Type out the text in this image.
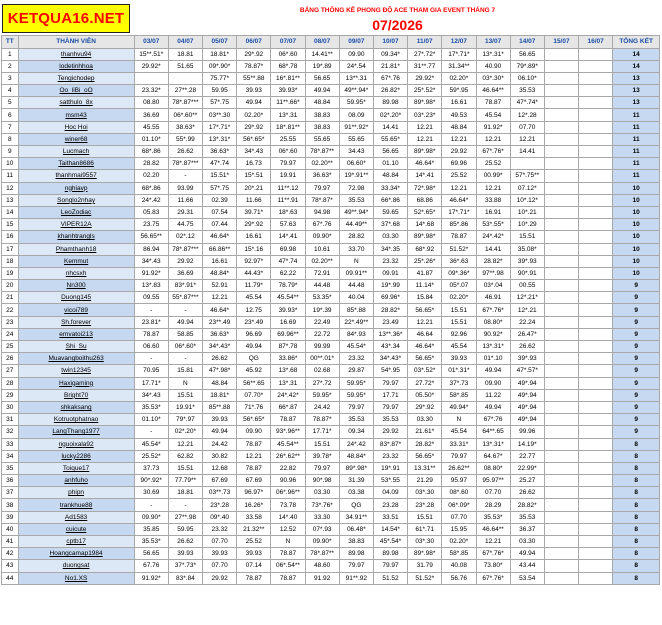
KETQUA16.NET	BẢNG THỐNG KÊ PHONG ĐỘ ACE THAM GIA EVENT THÁNG 7
07/2026
TT	THÀNH VIÊN	03/07	04/07	05/07	06/07	07/07	08/07	09/07	10/07	11/07	12/07	13/07	14/07	15/07	16/07	TỔNG KẾT
1	thanhvu94	15**.51*	18.81	18.81*	29*.92	06*.60	14.41**	09.90	09.34*	27*.72*	17*.71*	13*.31*	56.65			14
2	lodetinhhoa	29.92*	51.65	09*.90*	78.87*	68*.78	19*.89	24*.54	21.81*	31**.77	31.34**	40.90	79*.89*			14
3	Tengichodep			75.77*	55**.88	16*.81**	56.65	13**.31	67*.76	29.92*	02.20*	03*.30*	06.10*			13
4	Oo_liBi_oO	23.32*	27**.28	59.95	39.93	39.93*	49.94	49**.94*	26.82*	25*.52*	59*.95	46.64**	35.53			13
5	satthulo_8x	08.80	78*.87***	57*.75	49.94	11**.66*	48.84	59.95*	89.98	89*.98*	16.61	78.87	47*.74*			13
6	msm43	36.69	06*.60**	03**.30	02.20*	13*.31	38.83	08.09	02*.20*	03*.23*	49.53	45.54	12*.28			11
7	Hoc Hoi	45.55	38.63*	17*.71*	29*.92	18*.81**	38.83	91**.92*	14.41	12.21	48.84	91.92*	07.70			11
8	winer68	01.10*	55*.99	13*.31*	56*.65*	25.55	55.65	55.65	55.65*	12.21	12.21	12.21	12.21			11
9	Lucmach	68*.86	26.62	36.63*	34*.43	06*.60	78*.87**	34.43	56.65	89*.98*	29.92	67*.76*	14.41			11
10	Taithan8686	28.82	78*.87***	47*.74	16.73	79.97	02.20**	06.60*	01.10	46.64*	69.96	25.52				11
11	thanhmai9557	02.20	-	15.51*	15*.51	19.91	36.63*	19*.91**	48.84	14*.41	25.52	00.99*	57*.75**			11
12	nghiavp	68*.86	93.99	57*.75	20*.21	11**.12	79.97	72.98	33.34*	72*.98*	12.21	12.21	07.12*			10
13	Songlo2nhay	24*.42	11.66	02.39	11.66	11**.91	78*.87*	35.53	66*.86	68.86	46.64*	33.88	10*.12*			10
14	LeoZodiac	05.83	29.31	07.54	39.71*	18*.63	94.98	49**.94*	59.65	52*.65*	17*.71*	16.91	10*.21			10
15	VIPER12A	23.75	44.75	07.44	29*.92	57.63	67*.76	44.49**	37*.68	14*.68	85*.86	53*.55*	10*.29			10
16	khanhtrangls	56.65**	02*.12	46.64*	16.61	14*.41	09.90*	28.82	03.30	89*.98*	78.87	24*.42*	15.51			10
17	Phamthanh18	86.94	78*.87***	66.86**	15*.16	69.98	10.61	33.70	34*.35	68*.92	51.52*	14.41	35.08*			10
18	Kemmut	34*.43	29.92	16.61	92.97*	47*.74	02.20**	N	23.32	25*.26*	36*.63	28.82*	39*.93			10
19	nhcsxh	91.92*	36.69	48.84*	44.43*	62.22	72.91	09.91**	09.91	41.87	09*.36*	97**.98	90*.91			10
20	Nn300	13*.83	83*.91*	52.91	11.79*	78.79*	44.48	44.48	19*.99	11.14*	05*.07	03*.04	00.55			9
21	Duong145	09.55	55*.87***	12.21	45.54	45.54**	53.35*	40.04	69.96*	15.84	02.20*	46.91	12*.21*			9
22	vicoi789	-	-	46.64*	12.75	39.93*	19*.39	85*.88	28.82*	56.65*	15.51	67*.76*	12*.21			9
23	Sh.forever	23.81*	49.94	23**.49	23*.49	16.69	22.49	22*.49**	23.49	12.21	15.51	08.80*	22.24			9
24	emvatoi213	78.87	58.85	36.63*	96.69	69.96**	22.72	84*.93	13**.36*	46.64	92.96	90.92*	26.47*			9
25	Shi_Su	06.60	06*.60*	34*.43*	49.94	87*.78	99.99	45.54*	43*.34	46.64*	45.54	13*.31*	26.62			9
26	Muavangboithu263	-	-	26.62	QG	33.86*	00**.01*	23.32	34*.43*	56.65*	39.93	01*.10	39*.93			9
27	twin12345	70.95	15.81	47*.98*	45.92	13*.68	02.68	29.87	54*.95	03*.52*	01*.31*	49.94	47*.57*			9
28	Haxigaming	17.71*	N	48.84	56**.65	13*.31	27*.72	59.95*	79.97	27.72*	37*.73	09.90	49*.94			9
29	Bright70	34*.43	15.51	18.81*	07.70*	24*.42*	59.95*	59.95*	17.71	05.50*	58*.85	11.22	49*.94			9
30	shkaksang	35.53*	19.91*	85**.88	71*.76	66*.87	24.42	79.97	79.97	29*.92	49.94*	49.94	49*.94			9
31	Kotruotphatnao	01.10*	79*.97	39.93	56*.65*	78.87	78.87*	35.53	35.53	03.30	N	67*.76	49*.94			9
32	LangThang1977	-	02*.20*	49.94	09.90	93*.96**	17.71*	09.34	29.92	21.61*	45.54	64**.65	99.96			9
33	nguoixala92	45.54*	12.21	24.42	78.87	45.54**	15.51	24*.42	83*.87*	28.82*	33.31*	13*.31*	14.19*			8
34	lucky2286	25.52*	62.82	30.82	12.21	26*.62**	39.78*	48.84*	23.32	56.65*	79.97	64.67*	22.77			8
35	Toique17	37.73	15.51	12.68	78.87	22.82	79.97	89*.98*	19*.91	13.31**	26.62**	08.80*	22.99*			8
36	anhfuho	90*.92*	77.79**	67.69	67.69	90.96	90*.98	31.39	53*.55	21.29	95.97	95.97**	25.27			8
37	phipn	30.69	18.81	03**.73	96.97*	06*.96**	03.30	03.38	04.09	03*.30	08*.60	07.70	26.62			8
38	trankhue88	-	-	23*.28	16.26*	73.78	73*.76*	QG	23.28	23*.28	06*.09*	28.29	28.82*			8
39	Ad1583	09.90*	27**.98	09*.40	33.58	14*.40	33.30	34.91**	33.51	15.51	07.70	35.53*	35.53			8
40	cuicute	35.85	59.95	23.32	21.32**	12.52	07*.93	06.48*	14.54*	61*.71	15.95	46.64**	36.37			8
41	cptb17	35.53*	26.62	07.70	25.52	N	09.90*	38.83	45*.54*	03*.30	02.20*	12.21	03.30			8
42	Hoangcamap1984	56.65	39.93	39.93	39.93	78.87	78*.87**	89.98	89.98	89*.98*	58*.85	67*.76*	49.94			8
43	duongsat	67.76	37*.73*	07.70	07.14	06*.54**	48.60	79.97	79.97	31.79	40.08	73.80*	43.44			8
44	No1.XS	91.92*	83*.84	29.92	78.87	78.87	91.92	91**.92	51.52	51.52*	56.76	67*.76*	53.54			8
